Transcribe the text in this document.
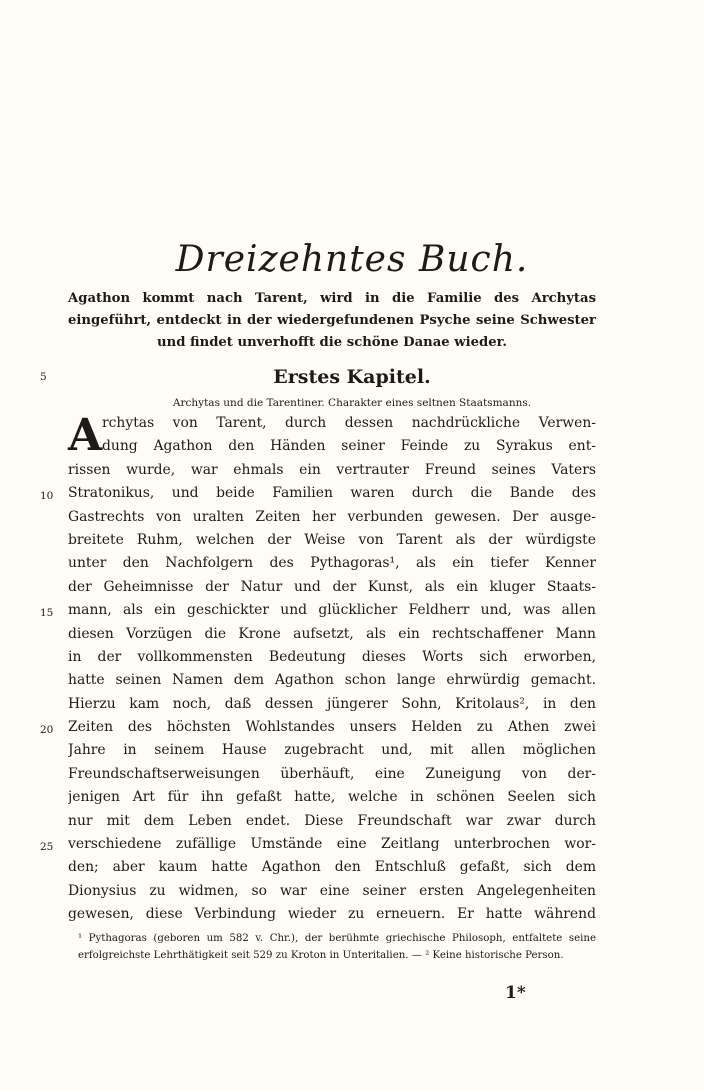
Dreizehntes Buch.

Agathon kommt nach Tarent, wird in die Familie des Archytas eingeführt, entdeckt in der wiedergefundenen Psyche seine Schwester und findet unverhofft die schöne Danae wieder.

5	Erstes Kapitel.

Archytas und die Tarentiner. Charakter eines seltnen Staatsmanns.

A rchytas von Tarent, durch dessen nachdrückliche Verwen-
dung Agathon den Händen seiner Feinde zu Syrakus ent-
rissen wurde, war ehmals ein vertrauter Freund seines Vaters
Stratonikus, und beide Familien waren durch die Bande des
Gastrechts von uralten Zeiten her verbunden gewesen. Der ausge-
breitete Ruhm, welchen der Weise von Tarent als der würdigste
unter den Nachfolgern des Pythagoras¹, als ein tiefer Kenner
der Geheimnisse der Natur und der Kunst, als ein kluger Staats-
mann, als ein geschickter und glücklicher Feldherr und, was allen
diesen Vorzügen die Krone aufsetzt, als ein rechtschaffener Mann
in der vollkommensten Bedeutung dieses Worts sich erworben,
hatte seinen Namen dem Agathon schon lange ehrwürdig gemacht.
Hierzu kam noch, daß dessen jüngerer Sohn, Kritolaus², in den
Zeiten des höchsten Wohlstandes unsers Helden zu Athen zwei
Jahre in seinem Hause zugebracht und, mit allen möglichen
Freundschaftserweisungen überhäuft, eine Zuneigung von der-
jenigen Art für ihn gefaßt hatte, welche in schönen Seelen sich
nur mit dem Leben endet. Diese Freundschaft war zwar durch
verschiedene zufällige Umstände eine Zeitlang unterbrochen wor-
den; aber kaum hatte Agathon den Entschluß gefaßt, sich dem
Dionysius zu widmen, so war eine seiner ersten Angelegenheiten
gewesen, diese Verbindung wieder zu erneuern. Er hatte während
10
15
20
25

¹ Pythagoras (geboren um 582 v. Chr.), der berühmte griechische Philosoph, entfaltete seine erfolgreichste Lehrthätigkeit seit 529 zu Kroton in Unteritalien. — ² Keine historische Person.

1*
